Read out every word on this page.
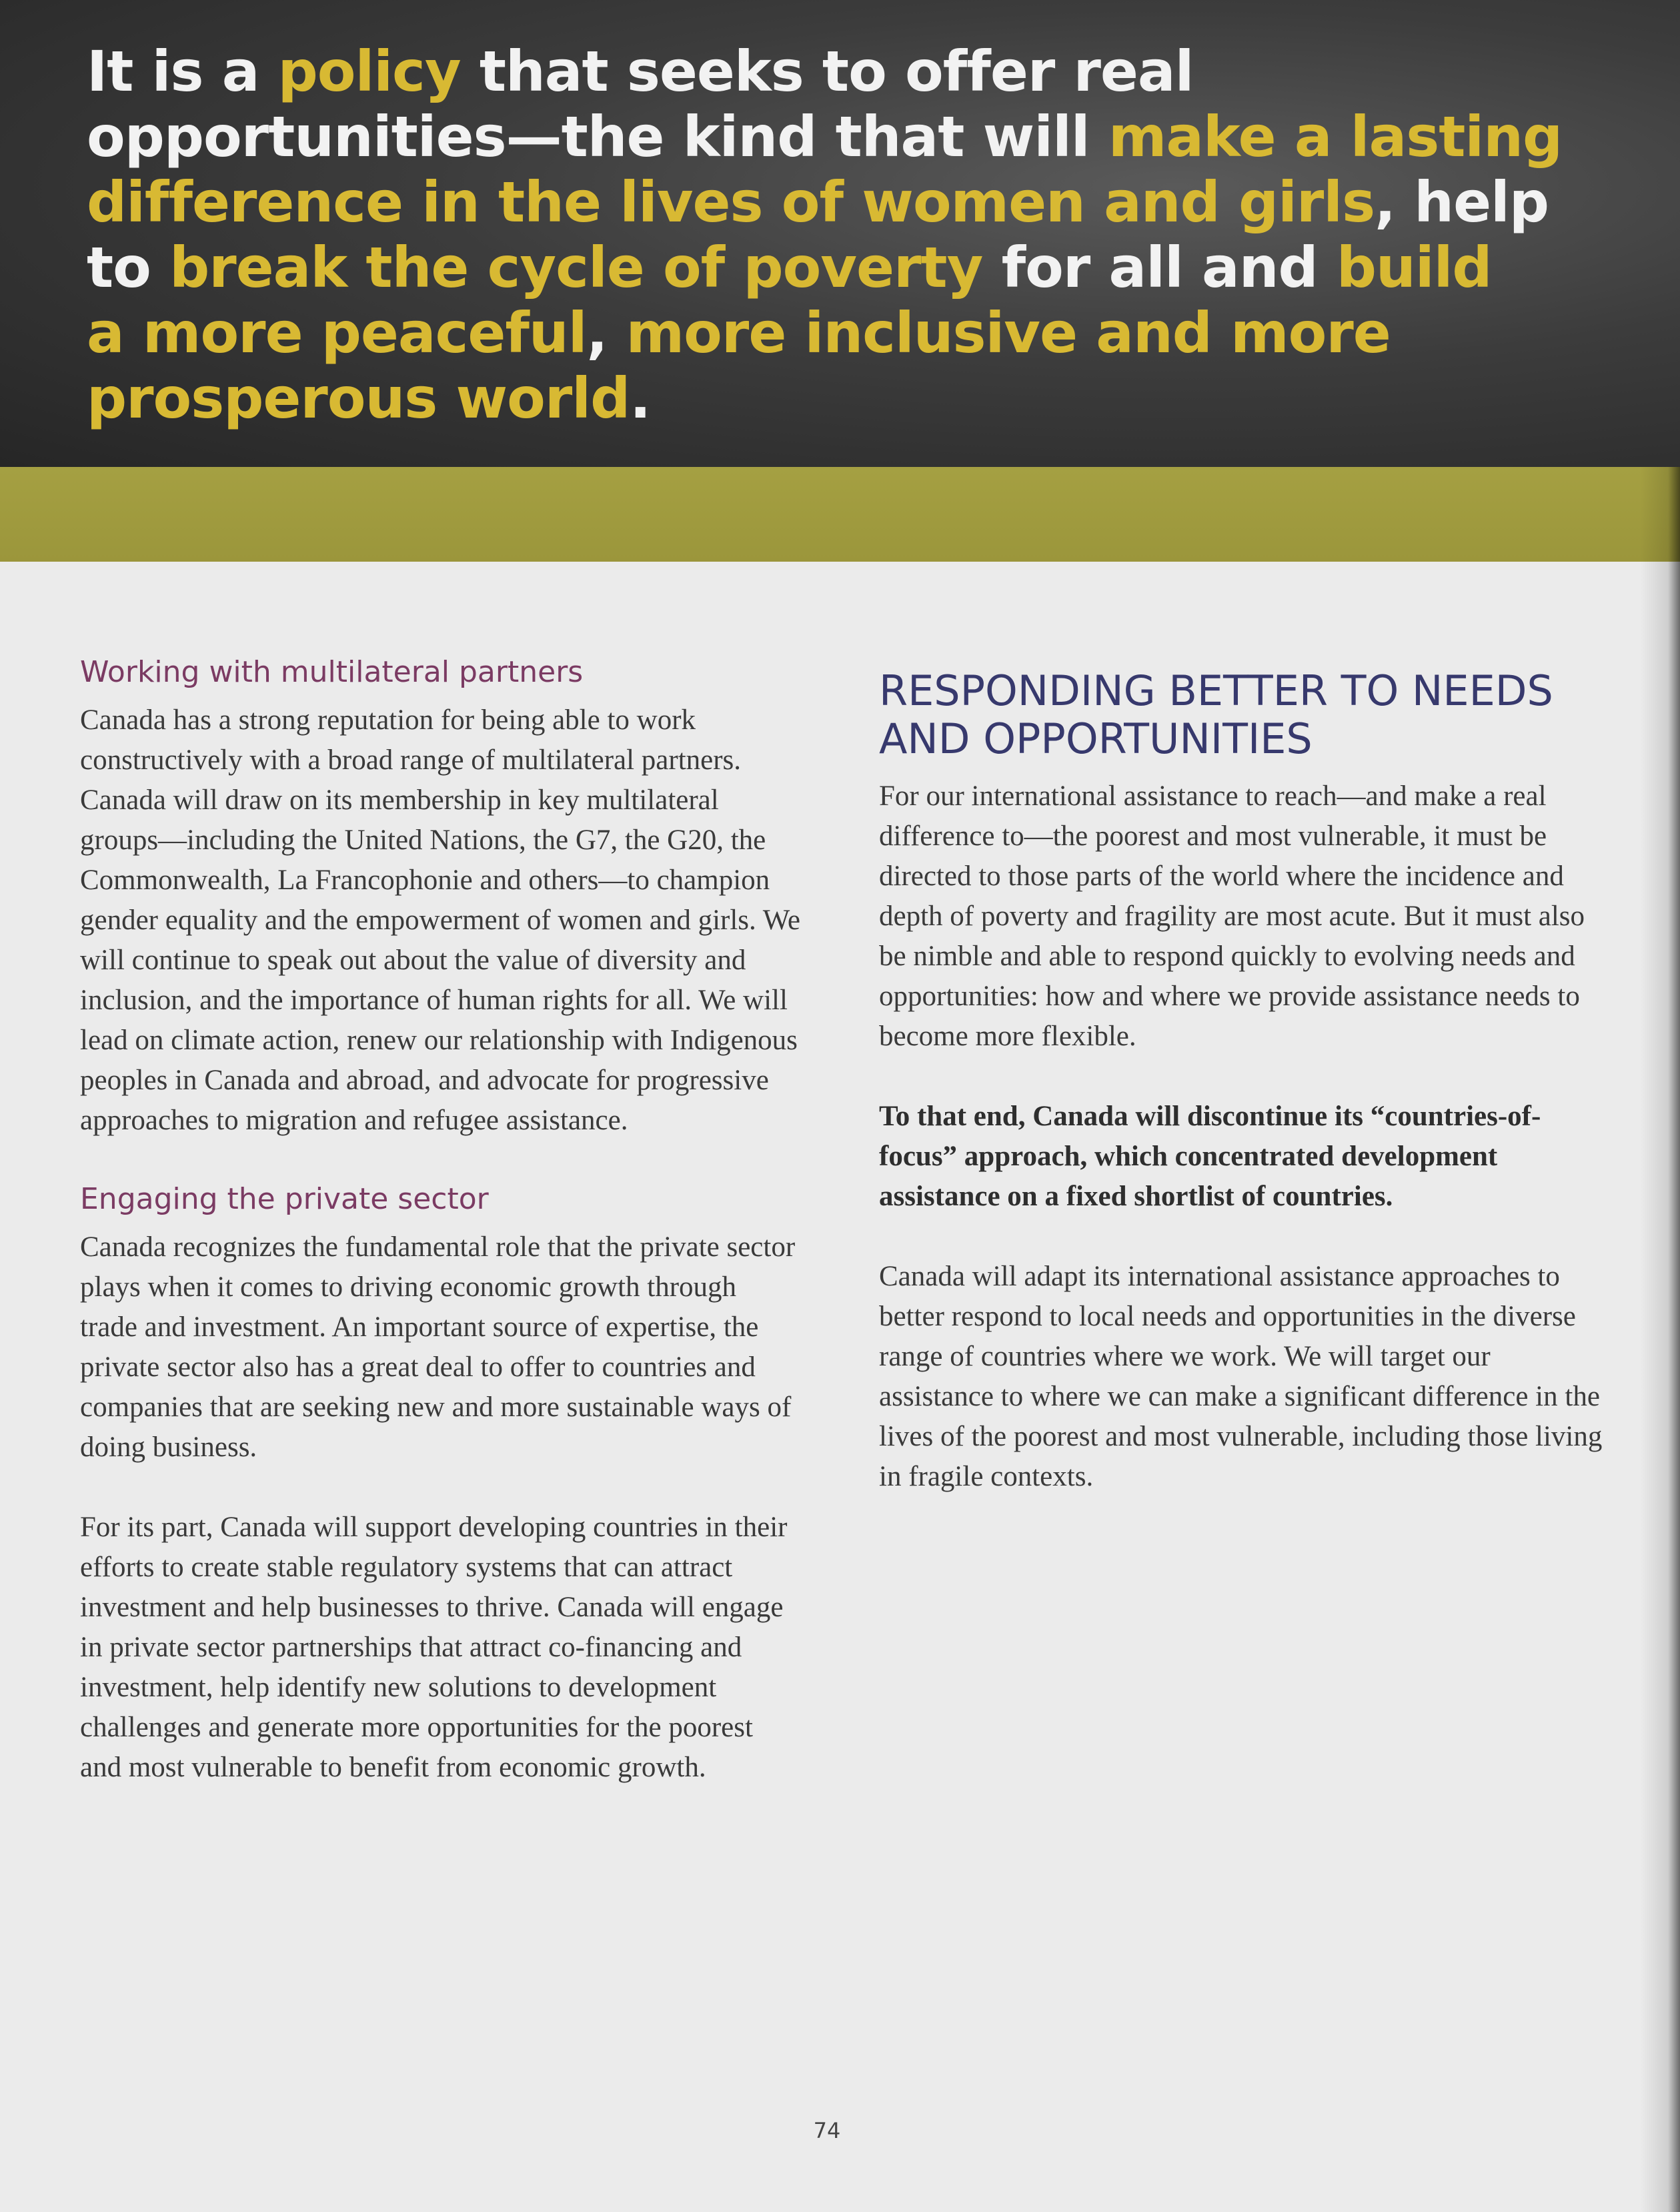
It is a policy that seeks to offer real
opportunities—the kind that will make a lasting
difference in the lives of women and girls, help
to break the cycle of poverty for all and build
a more peaceful, more inclusive and more
prosperous world.

Working with multilateral partners

Canada has a strong reputation for being able to work constructively with a broad range of multilateral partners. Canada will draw on its membership in key multilateral groups—including the United Nations, the G7, the G20, the Commonwealth, La Francophonie and others—to champion gender equality and the empowerment of women and girls. We will continue to speak out about the value of diversity and inclusion, and the importance of human rights for all. We will lead on climate action, renew our relationship with Indigenous peoples in Canada and abroad, and advocate for progressive approaches to migration and refugee assistance.

Engaging the private sector

Canada recognizes the fundamental role that the private sector plays when it comes to driving economic growth through trade and investment. An important source of expertise, the private sector also has a great deal to offer to countries and companies that are seeking new and more sustainable ways of doing business.

For its part, Canada will support developing countries in their efforts to create stable regulatory systems that can attract investment and help businesses to thrive. Canada will engage in private sector partnerships that attract co-financing and investment, help identify new solutions to development challenges and generate more opportunities for the poorest and most vulnerable to benefit from economic growth.

RESPONDING BETTER TO NEEDS AND OPPORTUNITIES

For our international assistance to reach—and make a real difference to—the poorest and most vulnerable, it must be directed to those parts of the world where the incidence and depth of poverty and fragility are most acute. But it must also be nimble and able to respond quickly to evolving needs and opportunities: how and where we provide assistance needs to become more flexible.

To that end, Canada will discontinue its “countries-of-focus” approach, which concentrated development assistance on a fixed shortlist of countries.

Canada will adapt its international assistance approaches to better respond to local needs and opportunities in the diverse range of countries where we work. We will target our assistance to where we can make a significant difference in the lives of the poorest and most vulnerable, including those living in fragile contexts.

74
